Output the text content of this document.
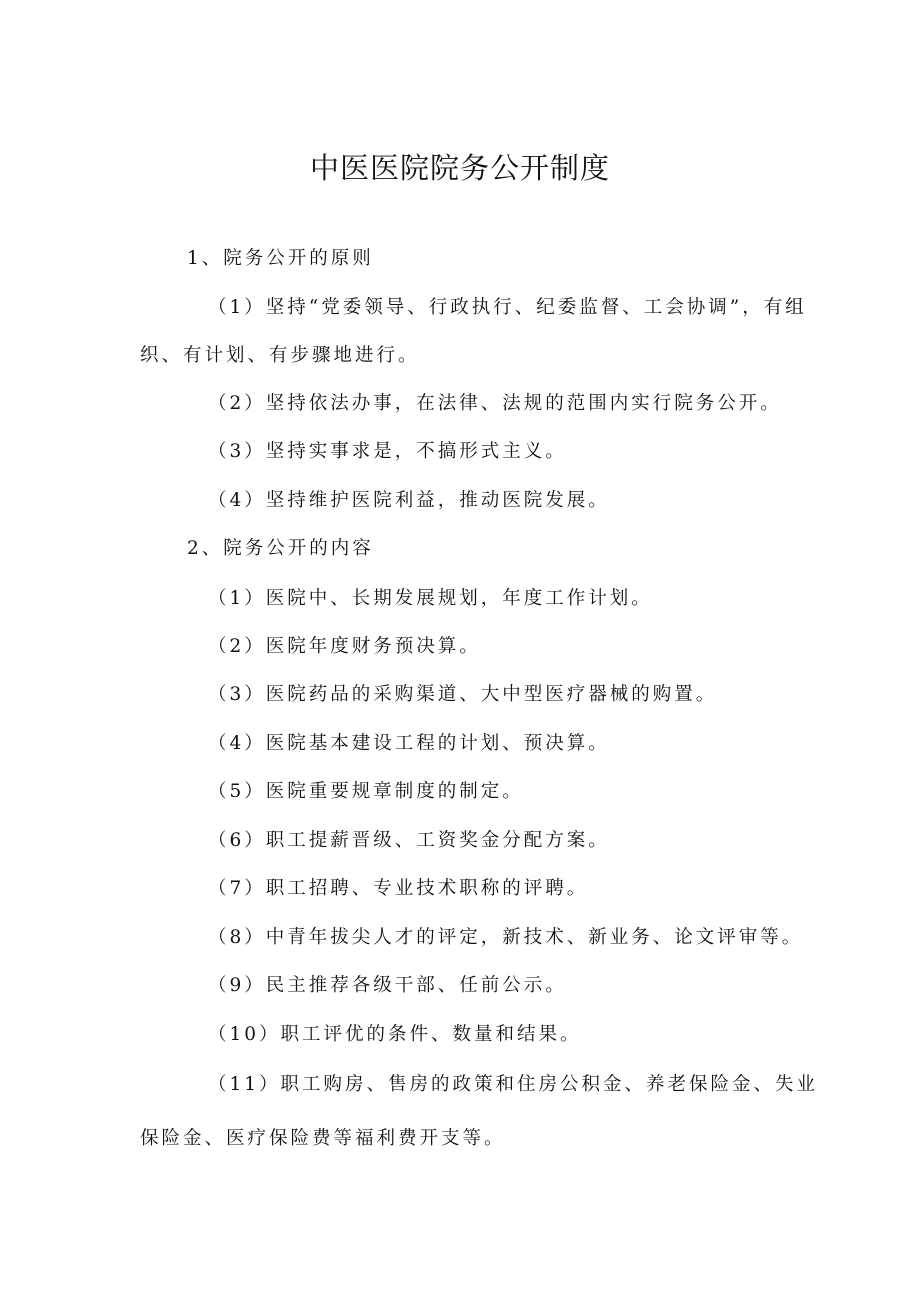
中医医院院务公开制度
1、院务公开的原则
（1）坚持“党委领导、行政执行、纪委监督、工会协调”，有组
织、有计划、有步骤地进行。
（2）坚持依法办事，在法律、法规的范围内实行院务公开。
（3）坚持实事求是，不搞形式主义。
（4）坚持维护医院利益，推动医院发展。
2、院务公开的内容
（1）医院中、长期发展规划，年度工作计划。
（2）医院年度财务预决算。
（3）医院药品的采购渠道、大中型医疗器械的购置。
（4）医院基本建设工程的计划、预决算。
（5）医院重要规章制度的制定。
（6）职工提薪晋级、工资奖金分配方案。
（7）职工招聘、专业技术职称的评聘。
（8）中青年拔尖人才的评定，新技术、新业务、论文评审等。
（9）民主推荐各级干部、任前公示。
（10）职工评优的条件、数量和结果。
（11）职工购房、售房的政策和住房公积金、养老保险金、失业
保险金、医疗保险费等福利费开支等。
